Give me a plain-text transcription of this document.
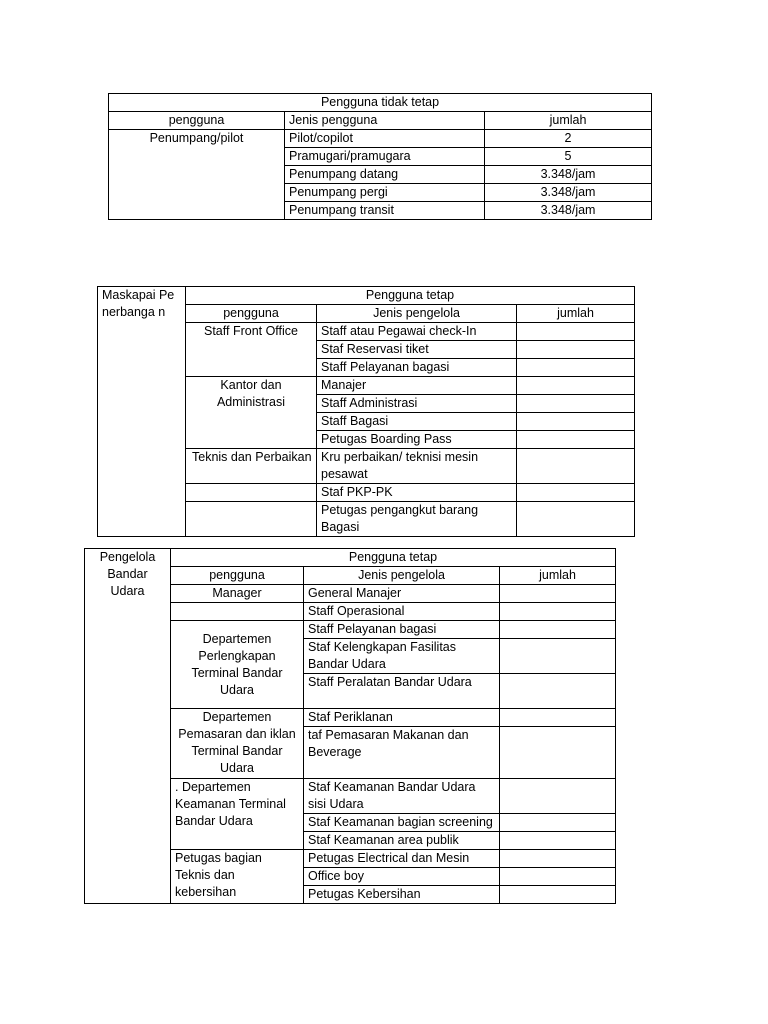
Pengguna tidak tetap		
pengguna	Jenis pengguna	jumlah
Penumpang/pilot	Pilot/copilot	2
	Pramugari/pramugara	5
	Penumpang datang	3.348/jam
	Penumpang pergi	3.348/jam
	Penumpang transit	3.348/jam
Maskapai Penerbanga n	Pengguna tetap		
	pengguna	Jenis pengelola	jumlah
	Staff Front Office	Staff atau Pegawai check-In	
		Staf Reservasi tiket	
		Staff Pelayanan bagasi	
	Kantor dan Administrasi	Manajer	
		Staff Administrasi	
		Staff Bagasi	
		Petugas Boarding Pass	
	Teknis dan Perbaikan	Kru perbaikan/ teknisi mesin pesawat	
		Staf PKP-PK	
		Petugas pengangkut barang Bagasi	
Pengelola Bandar Udara	Pengguna tetap		
	pengguna	Jenis pengelola	jumlah
	Manager	General Manajer	
		Staff Operasional	
	Departemen Perlengkapan Terminal Bandar Udara	Staff Pelayanan bagasi	
		Staf Kelengkapan Fasilitas Bandar Udara	
		Staff Peralatan Bandar Udara	
	Departemen Pemasaran dan iklan Terminal Bandar Udara	Staf Periklanan	
		taf Pemasaran Makanan dan Beverage	
	. Departemen Keamanan Terminal Bandar Udara	Staf Keamanan Bandar Udara sisi Udara	
		Staf Keamanan bagian screening	
		Staf Keamanan area publik	
	Petugas bagian Teknis dan kebersihan	Petugas Electrical dan Mesin	
		Office boy	
		Petugas Kebersihan	
